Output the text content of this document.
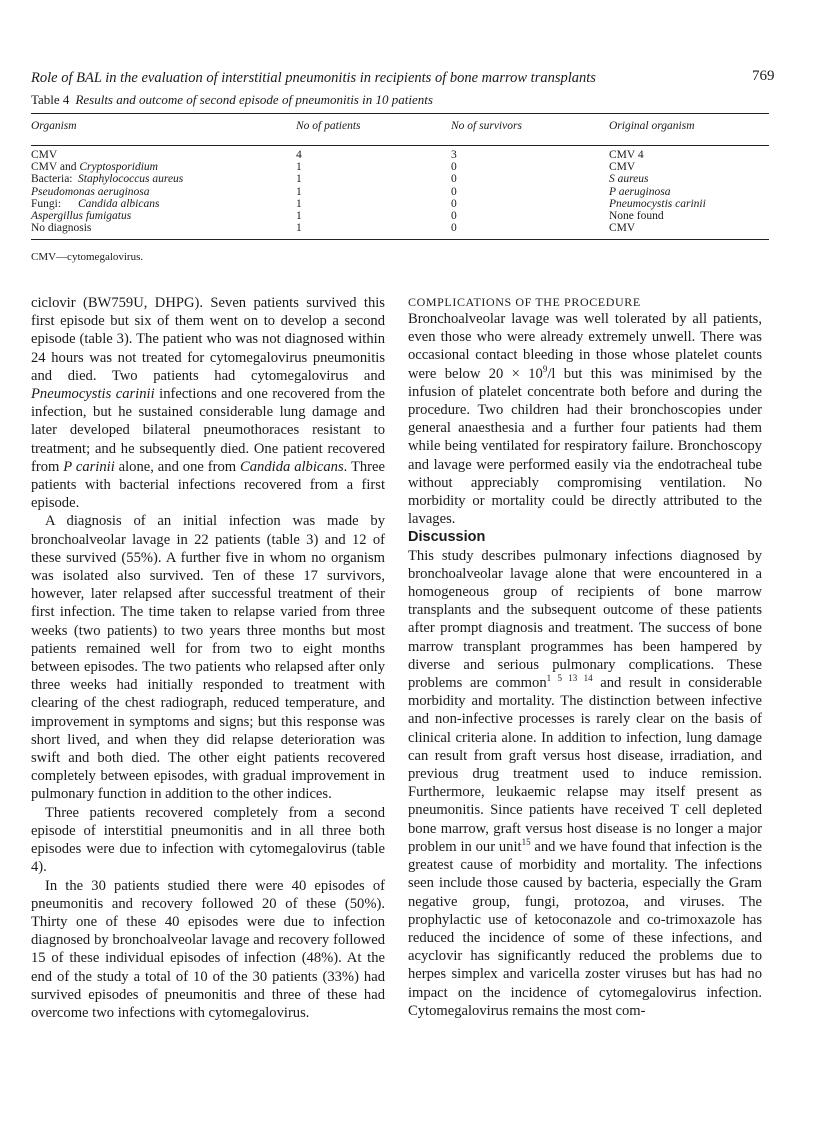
Role of BAL in the evaluation of interstitial pneumonitis in recipients of bone marrow transplants	769
Table 4 Results and outcome of second episode of pneumonitis in 10 patients
Organism	No of patients	No of survivors	Original organism
CMV	4	3	CMV 4
CMV and Cryptosporidium	1	0	CMV
Bacteria: Staphylococcus aureus	1	0	S aureus
Pseudomonas aeruginosa	1	0	P aeruginosa
Fungi: Candida albicans	1	0	Pneumocystis carinii
Aspergillus fumigatus	1	0	None found
No diagnosis	1	0	CMV
CMV—cytomegalovirus.

ciclovir (BW759U, DHPG). Seven patients survived this first episode but six of them went on to develop a second episode (table 3). The patient who was not diagnosed within 24 hours was not treated for cytomegalovirus pneumonitis and died. Two patients had cytomegalovirus and Pneumocystis carinii infections and one recovered from the infection, but he sustained considerable lung damage and later developed bilateral pneumothoraces resistant to treatment; and he subsequently died. One patient recovered from P carinii alone, and one from Candida albicans. Three patients with bacterial infections recovered from a first episode.

A diagnosis of an initial infection was made by bronchoalveolar lavage in 22 patients (table 3) and 12 of these survived (55%). A further five in whom no organism was isolated also survived. Ten of these 17 survivors, however, later relapsed after successful treatment of their first infection. The time taken to relapse varied from three weeks (two patients) to two years three months but most patients remained well for from two to eight months between episodes. The two patients who relapsed after only three weeks had initially responded to treatment with clearing of the chest radiograph, reduced temperature, and improvement in symptoms and signs; but this response was short lived, and when they did relapse deterioration was swift and both died. The other eight patients recovered completely between episodes, with gradual improvement in pulmonary function in addition to the other indices.

Three patients recovered completely from a second episode of interstitial pneumonitis and in all three both episodes were due to infection with cytomegalovirus (table 4).

In the 30 patients studied there were 40 episodes of pneumonitis and recovery followed 20 of these (50%). Thirty one of these 40 episodes were due to infection diagnosed by bronchoalveolar lavage and recovery followed 15 of these individual episodes of infection (48%). At the end of the study a total of 10 of the 30 patients (33%) had survived episodes of pneumonitis and three of these had overcome two infections with cytomegalovirus.

COMPLICATIONS OF THE PROCEDURE

Bronchoalveolar lavage was well tolerated by all patients, even those who were already extremely unwell. There was occasional contact bleeding in those whose platelet counts were below $20 \times 10^9/l$ but this was minimised by the infusion of platelet concentrate both before and during the procedure. Two children had their bronchoscopies under general anaesthesia and a further four patients had them while being ventilated for respiratory failure. Bronchoscopy and lavage were performed easily via the endotracheal tube without appreciably compromising ventilation. No morbidity or mortality could be directly attributed to the lavages.

Discussion

This study describes pulmonary infections diagnosed by bronchoalveolar lavage alone that were encountered in a homogeneous group of recipients of bone marrow transplants and the subsequent outcome of these patients after prompt diagnosis and treatment. The success of bone marrow transplant programmes has been hampered by diverse and serious pulmonary complications. These problems are common$^{1 5 13 14}$ and result in considerable morbidity and mortality. The distinction between infective and non-infective processes is rarely clear on the basis of clinical criteria alone. In addition to infection, lung damage can result from graft versus host disease, irradiation, and previous drug treatment used to induce remission. Furthermore, leukaemic relapse may itself present as pneumonitis. Since patients have received T cell depleted bone marrow, graft versus host disease is no longer a major problem in our unit$^{15}$ and we have found that infection is the greatest cause of morbidity and mortality. The infections seen include those caused by bacteria, especially the Gram negative group, fungi, protozoa, and viruses. The prophylactic use of ketoconazole and co-trimoxazole has reduced the incidence of some of these infections, and acyclovir has significantly reduced the problems due to herpes simplex and varicella zoster viruses but has had no impact on the incidence of cytomegalovirus infection. Cytomegalovirus remains the most com-
